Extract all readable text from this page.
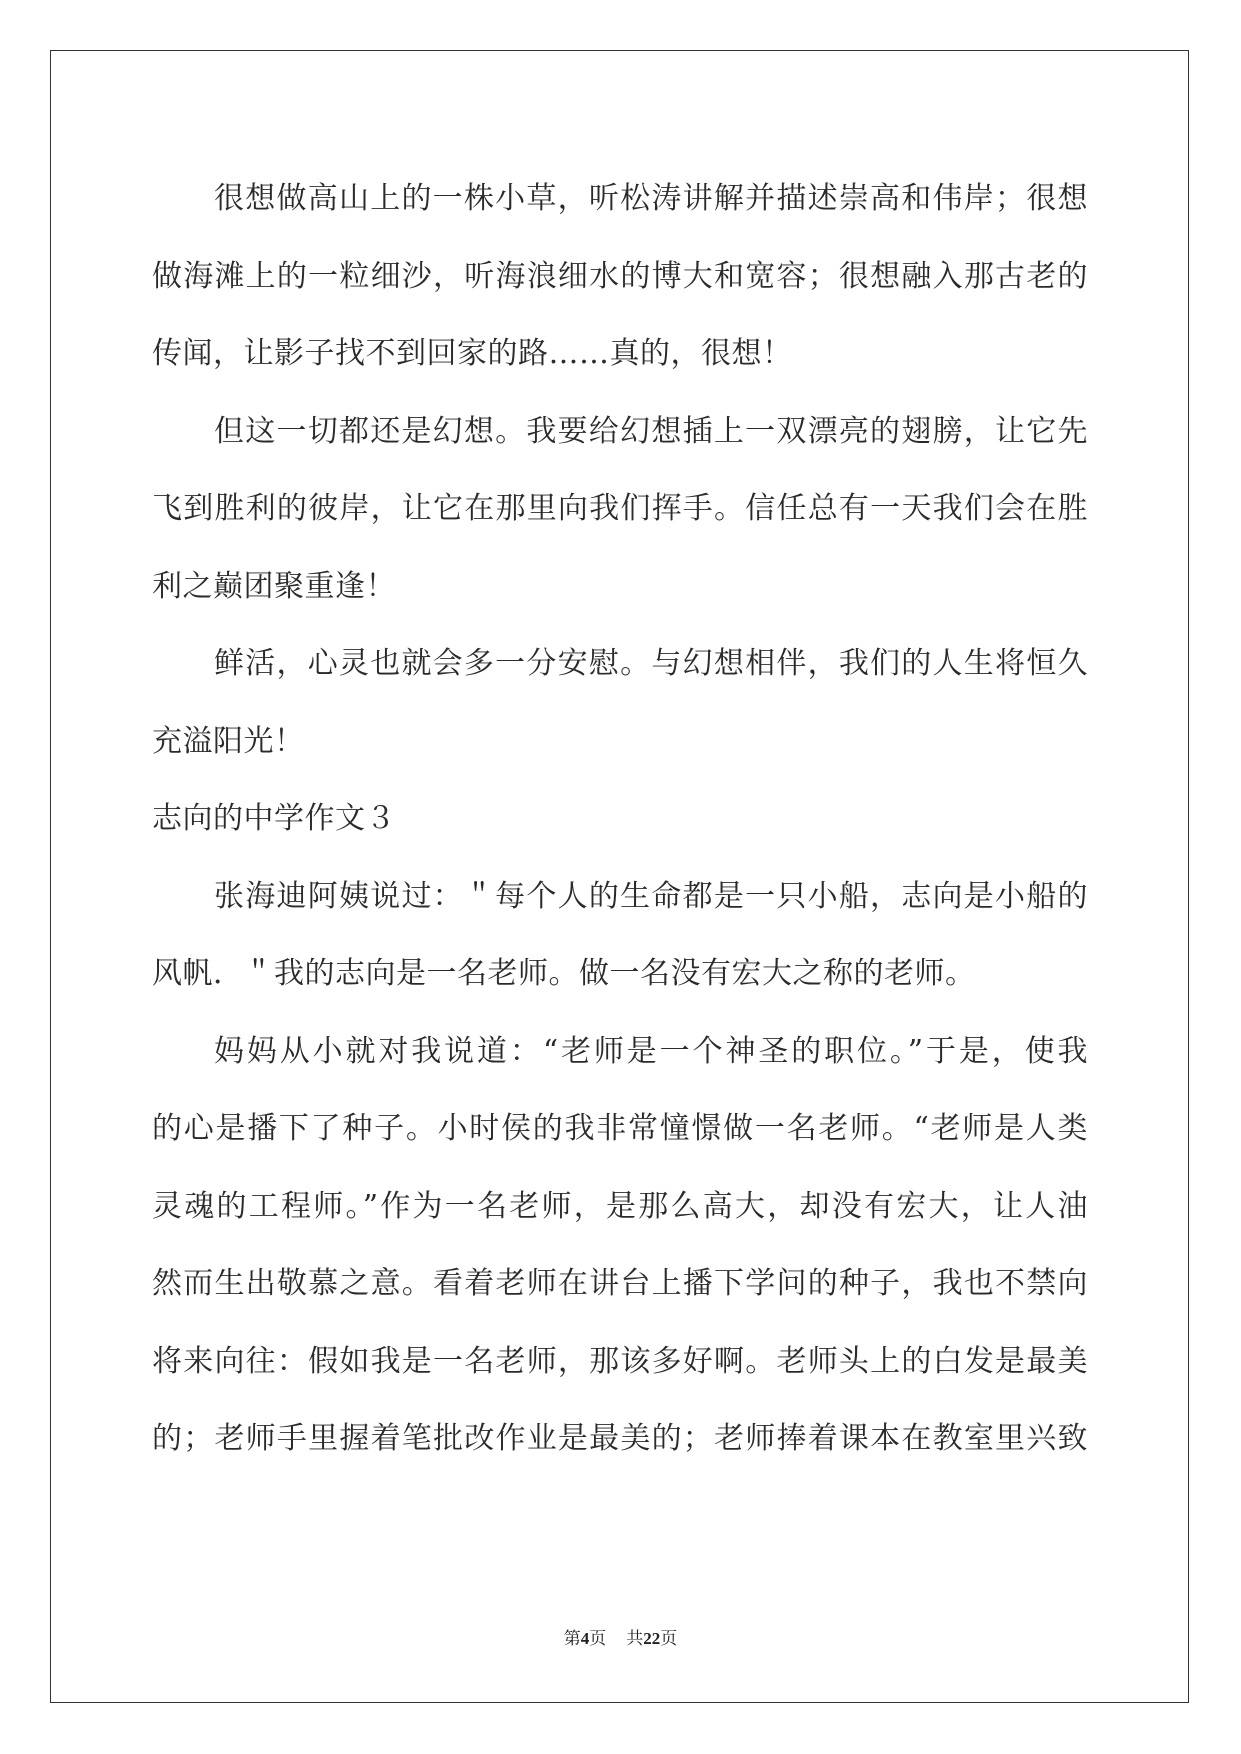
很想做高山上的一株小草，听松涛讲解并描述崇高和伟岸；很想
做海滩上的一粒细沙，听海浪细水的博大和宽容；很想融入那古老的
传闻，让影子找不到回家的路……真的，很想！
但这一切都还是幻想。我要给幻想插上一双漂亮的翅膀，让它先
飞到胜利的彼岸，让它在那里向我们挥手。信任总有一天我们会在胜
利之巅团聚重逢！
鲜活，心灵也就会多一分安慰。与幻想相伴，我们的人生将恒久
充溢阳光！
志向的中学作文３
张海迪阿姨说过：＂每个人的生命都是一只小船，志向是小船的
风帆．＂我的志向是一名老师。做一名没有宏大之称的老师。
妈妈从小就对我说道：“老师是一个神圣的职位。”于是，使我
的心是播下了种子。小时侯的我非常憧憬做一名老师。“老师是人类
灵魂的工程师。”作为一名老师，是那么高大，却没有宏大，让人油
然而生出敬慕之意。看着老师在讲台上播下学问的种子，我也不禁向
将来向往：假如我是一名老师，那该多好啊。老师头上的白发是最美
的；老师手里握着笔批改作业是最美的；老师捧着课本在教室里兴致
第4页 共22页
